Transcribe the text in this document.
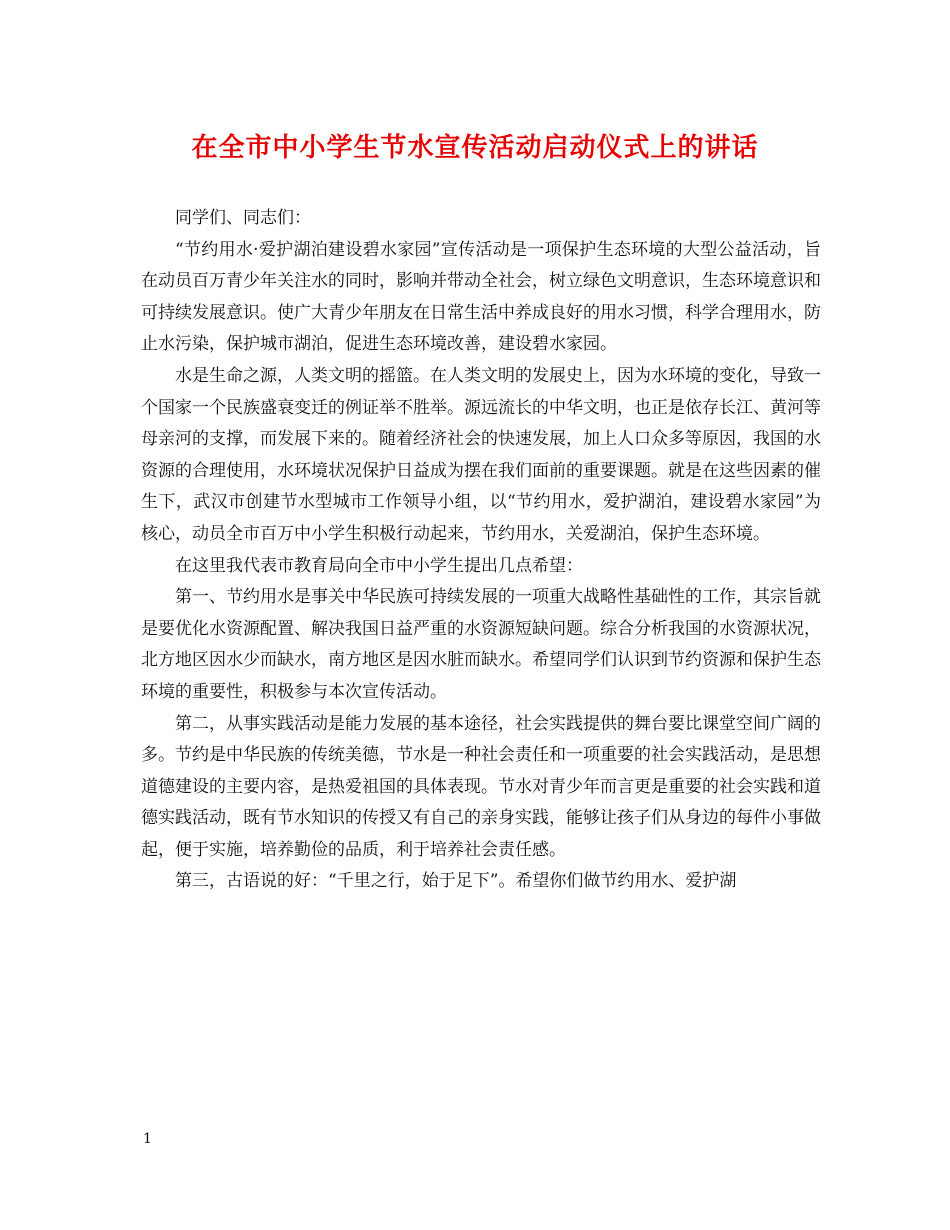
在全市中小学生节水宣传活动启动仪式上的讲话

同学们、同志们：

“节约用水·爱护湖泊建设碧水家园”宣传活动是一项保护生态环境的大型公益活动，旨在动员百万青少年关注水的同时，影响并带动全社会，树立绿色文明意识，生态环境意识和可持续发展意识。使广大青少年朋友在日常生活中养成良好的用水习惯，科学合理用水，防止水污染，保护城市湖泊，促进生态环境改善，建设碧水家园。

水是生命之源，人类文明的摇篮。在人类文明的发展史上，因为水环境的变化，导致一个国家一个民族盛衰变迁的例证举不胜举。源远流长的中华文明，也正是依存长江、黄河等母亲河的支撑，而发展下来的。随着经济社会的快速发展，加上人口众多等原因，我国的水资源的合理使用，水环境状况保护日益成为摆在我们面前的重要课题。就是在这些因素的催生下，武汉市创建节水型城市工作领导小组，以“节约用水，爱护湖泊，建设碧水家园”为核心，动员全市百万中小学生积极行动起来，节约用水，关爱湖泊，保护生态环境。

在这里我代表市教育局向全市中小学生提出几点希望：

第一、节约用水是事关中华民族可持续发展的一项重大战略性基础性的工作，其宗旨就是要优化水资源配置、解决我国日益严重的水资源短缺问题。综合分析我国的水资源状况，北方地区因水少而缺水，南方地区是因水脏而缺水。希望同学们认识到节约资源和保护生态环境的重要性，积极参与本次宣传活动。

第二，从事实践活动是能力发展的基本途径，社会实践提供的舞台要比课堂空间广阔的多。节约是中华民族的传统美德，节水是一种社会责任和一项重要的社会实践活动，是思想道德建设的主要内容，是热爱祖国的具体表现。节水对青少年而言更是重要的社会实践和道德实践活动，既有节水知识的传授又有自己的亲身实践，能够让孩子们从身边的每件小事做起，便于实施，培养勤俭的品质，利于培养社会责任感。

第三，古语说的好：“千里之行，始于足下”。希望你们做节约用水、爱护湖

1
